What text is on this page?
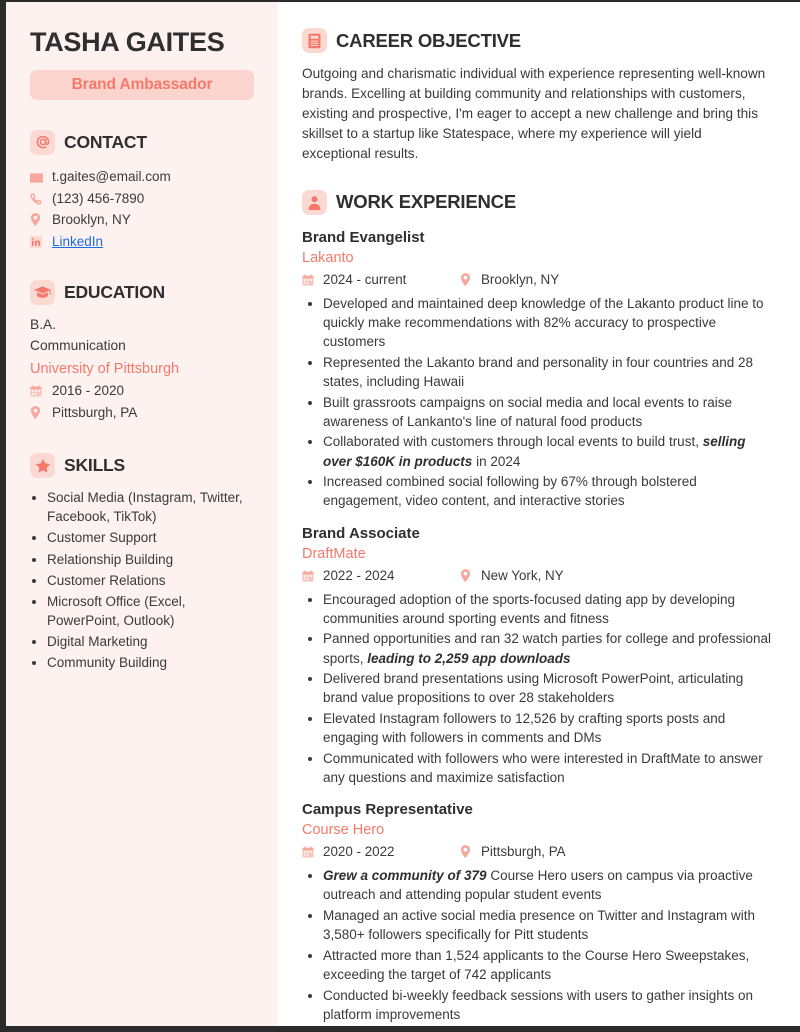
TASHA GAITES
Brand Ambassador
CONTACT
t.gaites@email.com
(123) 456-7890
Brooklyn, NY
LinkedIn
EDUCATION
B.A.
Communication
University of Pittsburgh
2016 - 2020
Pittsburgh, PA
SKILLS
• Social Media (Instagram, Twitter, Facebook, TikTok)
• Customer Support
• Relationship Building
• Customer Relations
• Microsoft Office (Excel, PowerPoint, Outlook)
• Digital Marketing
• Community Building
CAREER OBJECTIVE

Outgoing and charismatic individual with experience representing well-known brands. Excelling at building community and relationships with customers, existing and prospective, I'm eager to accept a new challenge and bring this skillset to a startup like Statespace, where my experience will yield exceptional results.

WORK EXPERIENCE
Brand Evangelist
Lakanto
2024 - current	Brooklyn, NY
• Developed and maintained deep knowledge of the Lakanto product line to quickly make recommendations with 82% accuracy to prospective customers
• Represented the Lakanto brand and personality in four countries and 28 states, including Hawaii
• Built grassroots campaigns on social media and local events to raise awareness of Lankanto's line of natural food products
• Collaborated with customers through local events to build trust, selling over $160K in products in 2024
• Increased combined social following by 67% through bolstered engagement, video content, and interactive stories
Brand Associate
DraftMate
2022 - 2024	New York, NY
• Encouraged adoption of the sports-focused dating app by developing communities around sporting events and fitness
• Panned opportunities and ran 32 watch parties for college and professional sports, leading to 2,259 app downloads
• Delivered brand presentations using Microsoft PowerPoint, articulating brand value propositions to over 28 stakeholders
• Elevated Instagram followers to 12,526 by crafting sports posts and engaging with followers in comments and DMs
• Communicated with followers who were interested in DraftMate to answer any questions and maximize satisfaction
Campus Representative
Course Hero
2020 - 2022	Pittsburgh, PA
• Grew a community of 379 Course Hero users on campus via proactive outreach and attending popular student events
• Managed an active social media presence on Twitter and Instagram with 3,580+ followers specifically for Pitt students
• Attracted more than 1,524 applicants to the Course Hero Sweepstakes, exceeding the target of 742 applicants
• Conducted bi-weekly feedback sessions with users to gather insights on platform improvements
